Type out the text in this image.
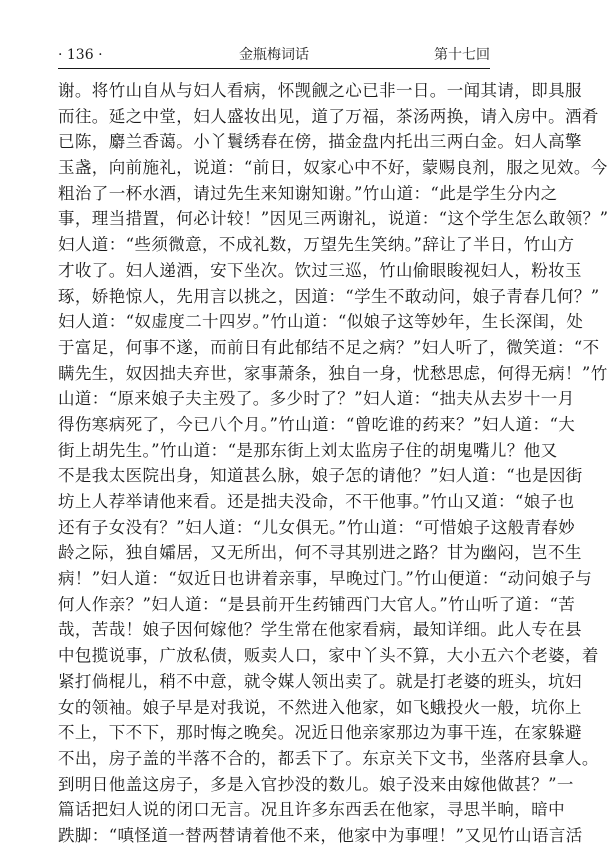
· 136 ·	金瓶梅词话	第十七回
谢。将竹山自从与妇人看病，怀觊觎之心已非一日。一闻其请，即具服
而往。延之中堂，妇人盛妆出见，道了万福，茶汤两换，请入房中。酒肴
已陈，麝兰香蔼。小丫鬟绣春在傍，描金盘内托出三两白金。妇人高擎
玉盏，向前施礼，说道：“前日，奴家心中不好，蒙赐良剂，服之见效。今
粗治了一杯水酒，请过先生来知谢知谢。”竹山道：“此是学生分内之
事，理当措置，何必计较！”因见三两谢礼，说道：“这个学生怎么敢领？”
妇人道：“些须微意，不成礼数，万望先生笑纳。”辞让了半日，竹山方
才收了。妇人递酒，安下坐次。饮过三巡，竹山偷眼睃视妇人，粉妆玉
琢，娇艳惊人，先用言以挑之，因道：“学生不敢动问，娘子青春几何？”
妇人道：“奴虚度二十四岁。”竹山道：“似娘子这等妙年，生长深闺，处
于富足，何事不遂，而前日有此郁结不足之病？”妇人听了，微笑道：“不
瞒先生，奴因拙夫弃世，家事萧条，独自一身，忧愁思虑，何得无病！”竹
山道：“原来娘子夫主殁了。多少时了？”妇人道：“拙夫从去岁十一月
得伤寒病死了，今已八个月。”竹山道：“曾吃谁的药来？”妇人道：“大
街上胡先生。”竹山道：“是那东街上刘太监房子住的胡鬼嘴儿？他又
不是我太医院出身，知道甚么脉，娘子怎的请他？”妇人道：“也是因街
坊上人荐举请他来看。还是拙夫没命，不干他事。”竹山又道：“娘子也
还有子女没有？”妇人道：“儿女俱无。”竹山道：“可惜娘子这般青春妙
龄之际，独自孀居，又无所出，何不寻其别进之路？甘为幽闷，岂不生
病！”妇人道：“奴近日也讲着亲事，早晚过门。”竹山便道：“动问娘子与
何人作亲？”妇人道：“是县前开生药铺西门大官人。”竹山听了道：“苦
哉，苦哉！娘子因何嫁他？学生常在他家看病，最知详细。此人专在县
中包揽说事，广放私债，贩卖人口，家中丫头不算，大小五六个老婆，着
紧打倘棍儿，稍不中意，就令媒人领出卖了。就是打老婆的班头，坑妇
女的领袖。娘子早是对我说，不然进入他家，如飞蛾投火一般，坑你上
不上，下不下，那时悔之晚矣。况近日他亲家那边为事干连，在家躲避
不出，房子盖的半落不合的，都丢下了。东京关下文书，坐落府县拿人。
到明日他盖这房子，多是入官抄没的数儿。娘子没来由嫁他做甚？”一
篇话把妇人说的闭口无言。况且许多东西丢在他家，寻思半晌，暗中
跌脚：“嗔怪道一替两替请着他不来，他家中为事哩！”又见竹山语言活
